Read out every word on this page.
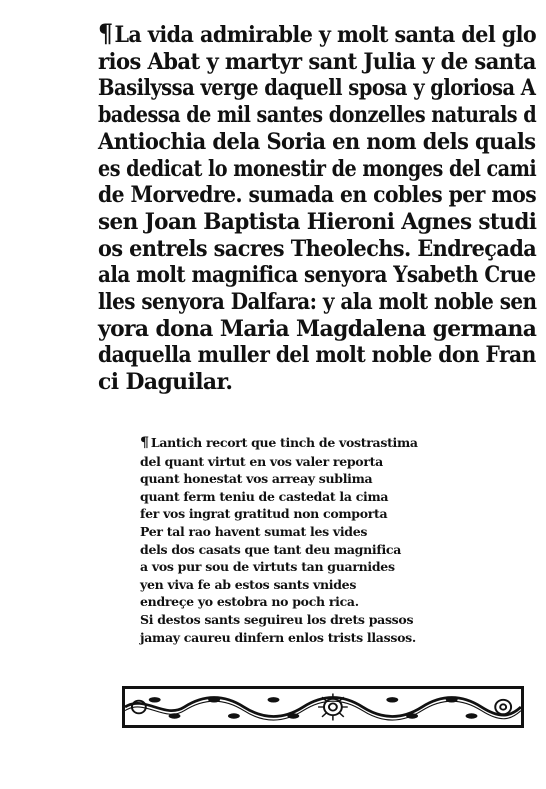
¶La vida admirable y molt santa del glo
rios Abat y martyr sant Julia y de santa
Basilyssa verge daquell sposa y gloriosa A
badessa de mil santes donzelles naturals d
Antiochia dela Soria en nom dels quals
es dedicat lo monestir de monges del cami
de Morvedre. sumada en cobles per mos
sen Joan Baptista Hieroni Agnes studi
os entrels sacres Theolechs. Endreçada
ala molt magnifica senyora Ysabeth Crue
lles senyora Dalfara: y ala molt noble sen
yora dona Maria Magdalena germana
daquella muller del molt noble don Fran
ci Daguilar.
¶ Lantich recort que tinch de vostrastima
del quant virtut en vos valer reporta
quant honestat vos arreay sublima
quant ferm teniu de castedat la cima
fer vos ingrat gratitud non comporta
Per tal rao havent sumat les vides
dels dos casats que tant deu magnifica
a vos pur sou de virtuts tan guarnides
yen viva fe ab estos sants vnides
endreçe yo estobra no poch rica.
Si destos sants seguireu los drets passos
jamay caureu dinfern enlos trists llassos.
